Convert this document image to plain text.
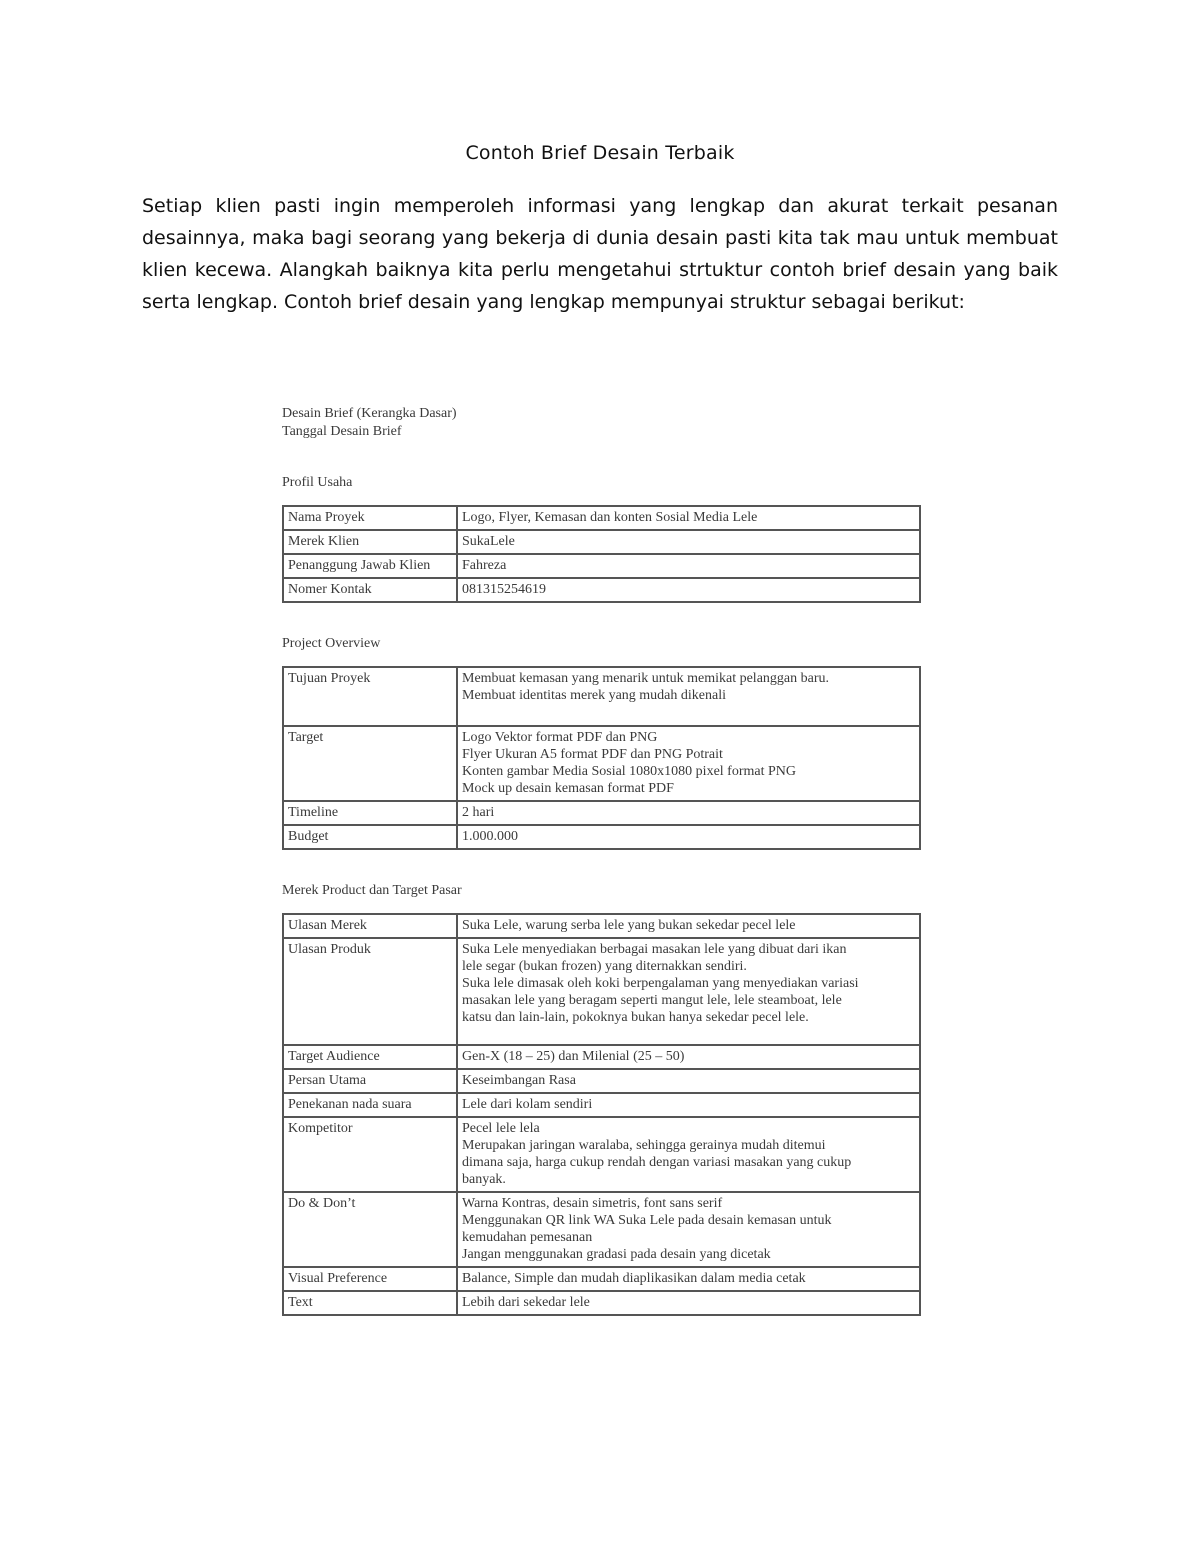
Contoh Brief Desain Terbaik

Setiap klien pasti ingin memperoleh informasi yang lengkap dan akurat terkait pesanan desainnya, maka bagi seorang yang bekerja di dunia desain pasti kita tak mau untuk membuat klien kecewa. Alangkah baiknya kita perlu mengetahui strtuktur contoh brief desain yang baik serta lengkap. Contoh brief desain yang lengkap mempunyai struktur sebagai berikut:

Desain Brief (Kerangka Dasar)
Tanggal Desain Brief
Profil Usaha
Nama Proyek	Logo, Flyer, Kemasan dan konten Sosial Media Lele

Merek Klien	SukaLele

Penanggung Jawab Klien	Fahreza

Nomer Kontak	081315254619
Project Overview
Tujuan Proyek	Membuat kemasan yang menarik untuk memikat pelanggan baru.
Membuat identitas merek yang mudah dikenali

Target	Logo Vektor format PDF dan PNG
Flyer Ukuran A5 format PDF dan PNG Potrait
Konten gambar Media Sosial 1080x1080 pixel format PNG
Mock up desain kemasan format PDF

Timeline	2 hari

Budget	1.000.000
Merek Product dan Target Pasar
Ulasan Merek	Suka Lele, warung serba lele yang bukan sekedar pecel lele

Ulasan Produk	Suka Lele menyediakan berbagai masakan lele yang dibuat dari ikan
lele segar (bukan frozen) yang diternakkan sendiri.
Suka lele dimasak oleh koki berpengalaman yang menyediakan variasi
masakan lele yang beragam seperti mangut lele, lele steamboat, lele
katsu dan lain-lain, pokoknya bukan hanya sekedar pecel lele.

Target Audience	Gen-X (18 – 25) dan Milenial (25 – 50)

Persan Utama	Keseimbangan Rasa

Penekanan nada suara	Lele dari kolam sendiri

Kompetitor	Pecel lele lela
Merupakan jaringan waralaba, sehingga gerainya mudah ditemui
dimana saja, harga cukup rendah dengan variasi masakan yang cukup
banyak.

Do & Don’t	Warna Kontras, desain simetris, font sans serif
Menggunakan QR link WA Suka Lele pada desain kemasan untuk
kemudahan pemesanan
Jangan menggunakan gradasi pada desain yang dicetak

Visual Preference	Balance, Simple dan mudah diaplikasikan dalam media cetak

Text	Lebih dari sekedar lele
